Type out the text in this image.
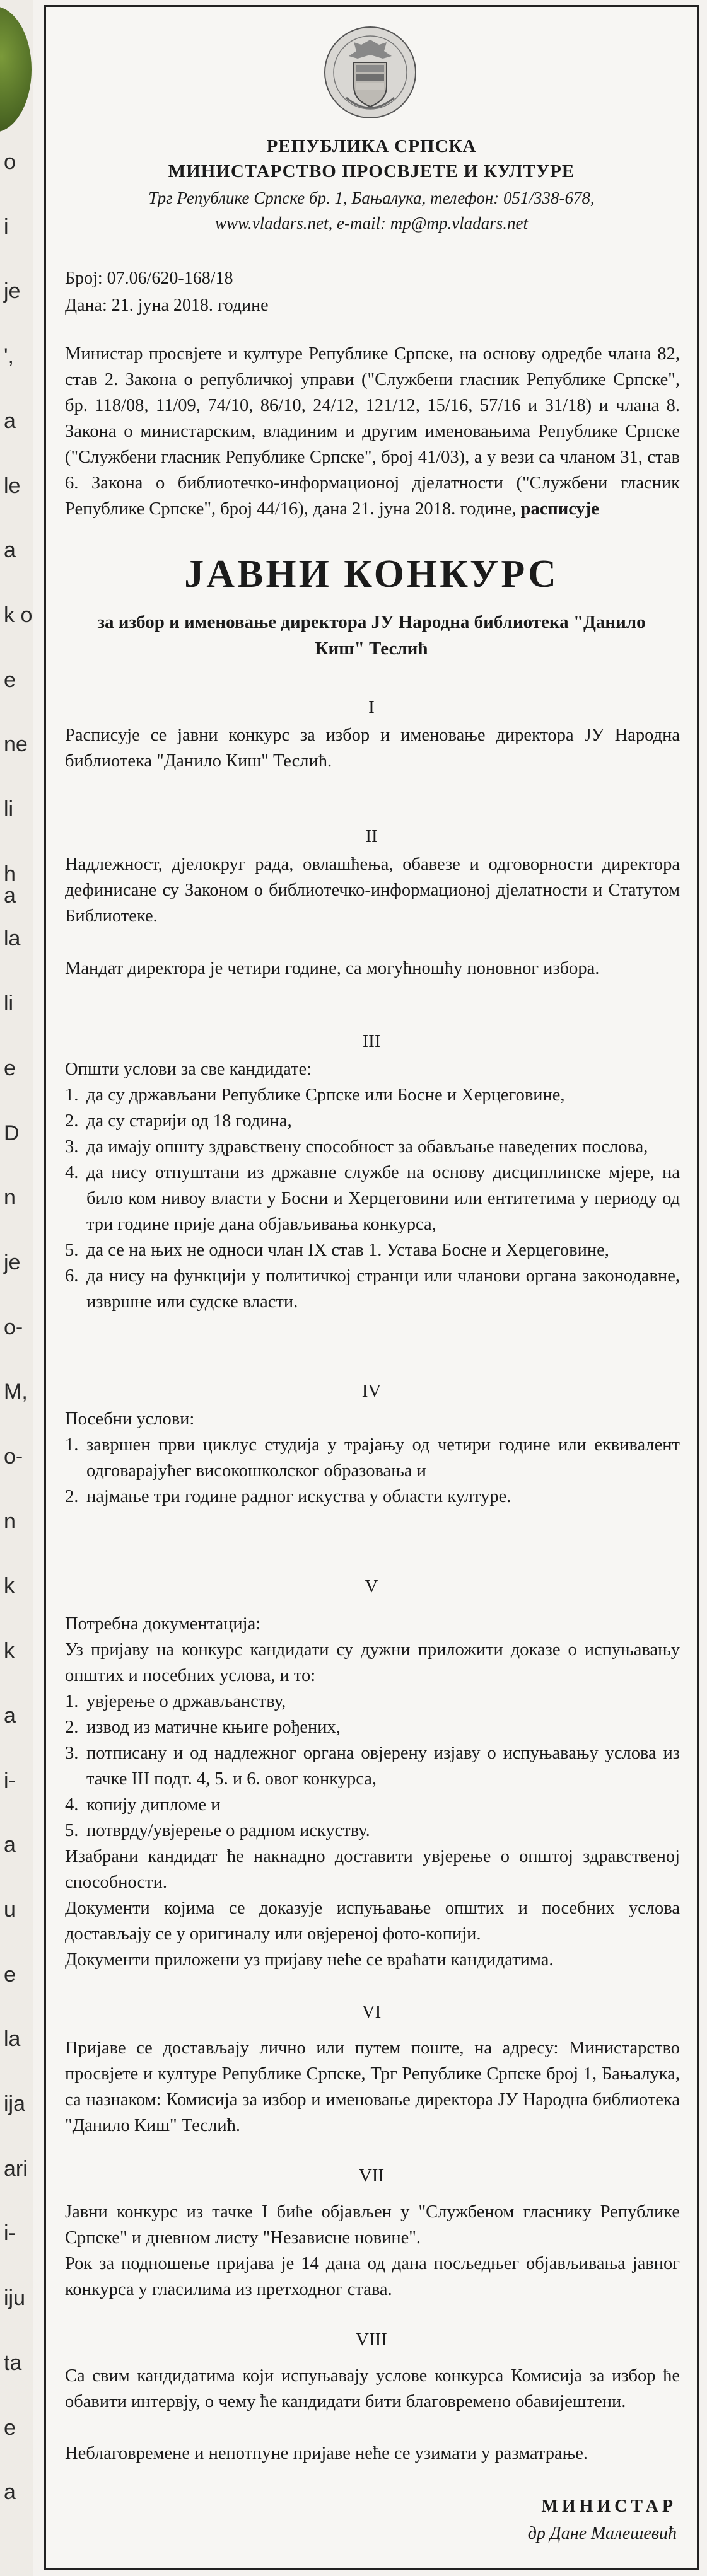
o
i
je
',
a
le
a
k o
e
ne
li
h a
la
li
e
D
n
je
o-
M,
o-
n
k
k
a
i-
a
u
e
la
ija
ari
i-
iju
ta
e
a
РЕПУБЛИКА СРПСКА
МИНИСТАРСТВО ПРОСВЈЕТЕ И КУЛТУРЕ
Трг Републике Српске бр. 1, Бањалука, телефон: 051/338-678,
www.vladars.net, e-mail: mp@mp.vladars.net
Број: 07.06/620-168/18
Дана: 21. јуна 2018. године
Министар просвјете и културе Републике Српске, на основу одредбе члана 82, став 2. Закона о републичкој управи ("Службени гласник Републике Српске", бр. 118/08, 11/09, 74/10, 86/10, 24/12, 121/12, 15/16, 57/16 и 31/18) и члана 8. Закона о министарским, владиним и другим именовањима Републике Српске ("Службени гласник Републике Српске", број 41/03), а у вези са чланом 31, став 6. Закона о библиотечко-информационој дјелатности ("Службени гласник Републике Српске", број 44/16), дана 21. јуна 2018. године, расписује
ЈАВНИ КОНКУРС
за избор и именовање директора ЈУ Народна библиотека "Данило Киш" Теслић
I
Расписује се јавни конкурс за избор и именовање директора ЈУ Народна библиотека "Данило Киш" Теслић.
II
Надлежност, дјелокруг рада, овлашћења, обавезе и одговорности директора дефинисане су Законом о библиотечко-информационој дјелатности и Статутом Библиотеке.
Мандат директора је четири године, са могућношћу поновног избора.
III
Општи услови за све кандидате:
1. да су држављани Републике Српске или Босне и Херцеговине,
2. да су старији од 18 година,
3. да имају општу здравствену способност за обављање наведених послова,
4. да нису отпуштани из државне службе на основу дисциплинске мјере, на било ком нивоу власти у Босни и Херцеговини или ентитетима у периоду од три године прије дана објављивања конкурса,
5. да се на њих не односи члан IX став 1. Устава Босне и Херцеговине,
6. да нису на функцији у политичкој странци или чланови органа законодавне, извршне или судске власти.
IV
Посебни услови:
1. завршен први циклус студија у трајању од четири године или еквивалент одговарајућег високошколског образовања и
2. најмање три године радног искуства у области културе.
V
Потребна документација:
Уз пријаву на конкурс кандидати су дужни приложити доказе о испуњавању општих и посебних услова, и то:
1. увјерење о држављанству,
2. извод из матичне књиге рођених,
3. потписану и од надлежног органа овјерену изјаву о испуњавању услова из тачке III подт. 4, 5. и 6. овог конкурса,
4. копију дипломе и
5. потврду/увјерење о радном искуству.
Изабрани кандидат ће накнадно доставити увјерење о општој здравственој способности.
Документи којима се доказује испуњавање општих и посебних услова достављају се у оригиналу или овјереној фото-копији.
Документи приложени уз пријаву неће се враћати кандидатима.
VI
Пријаве се достављају лично или путем поште, на адресу: Министарство просвјете и културе Републике Српске, Трг Републике Српске број 1, Бањалука, са назнаком: Комисија за избор и именовање директора ЈУ Народна библиотека "Данило Киш" Теслић.
VII
Јавни конкурс из тачке I биће објављен у "Службеном гласнику Републике Српске" и дневном листу "Независне новине".
Рок за подношење пријава је 14 дана од дана посљедњег објављивања јавног конкурса у гласилима из претходног става.
VIII
Са свим кандидатима који испуњавају услове конкурса Комисија за избор ће обавити интервју, о чему ће кандидати бити благовремено обавијештени.
Неблаговремене и непотпуне пријаве неће се узимати у разматрање.
МИНИСТАР
др Дане Малешевић
